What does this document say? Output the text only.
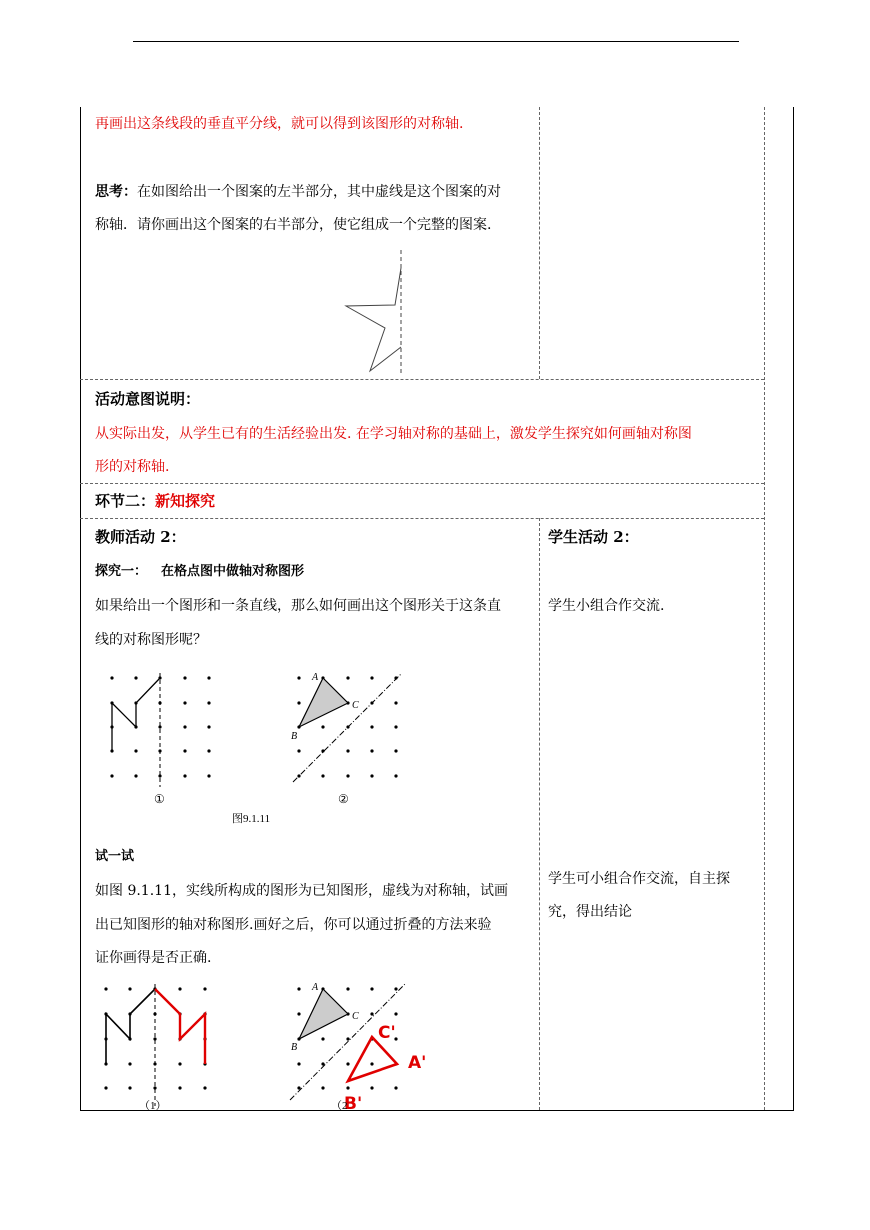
再画出这条线段的垂直平分线，就可以得到该图形的对称轴.
思考：在如图给出一个图案的左半部分，其中虚线是这个图案的对
称轴．请你画出这个图案的右半部分，使它组成一个完整的图案.
活动意图说明：
从实际出发，从学生已有的生活经验出发. 在学习轴对称的基础上，激发学生探究如何画轴对称图
形的对称轴.
环节二：新知探究
教师活动 2：
探究一： 在格点图中做轴对称图形
如果给出一个图形和一条直线，那么如何画出这个图形关于这条直
线的对称图形呢？
①
A
B
C
②
图9.1.11
试一试
如图 9.1.11，实线所构成的图形为已知图形，虚线为对称轴，试画
出已知图形的轴对称图形.画好之后，你可以通过折叠的方法来验
证你画得是否正确.
（1）
A
B
C
C'
A'
B'
（2
学生活动 2：
学生小组合作交流.
学生可小组合作交流，自主探
究，得出结论
